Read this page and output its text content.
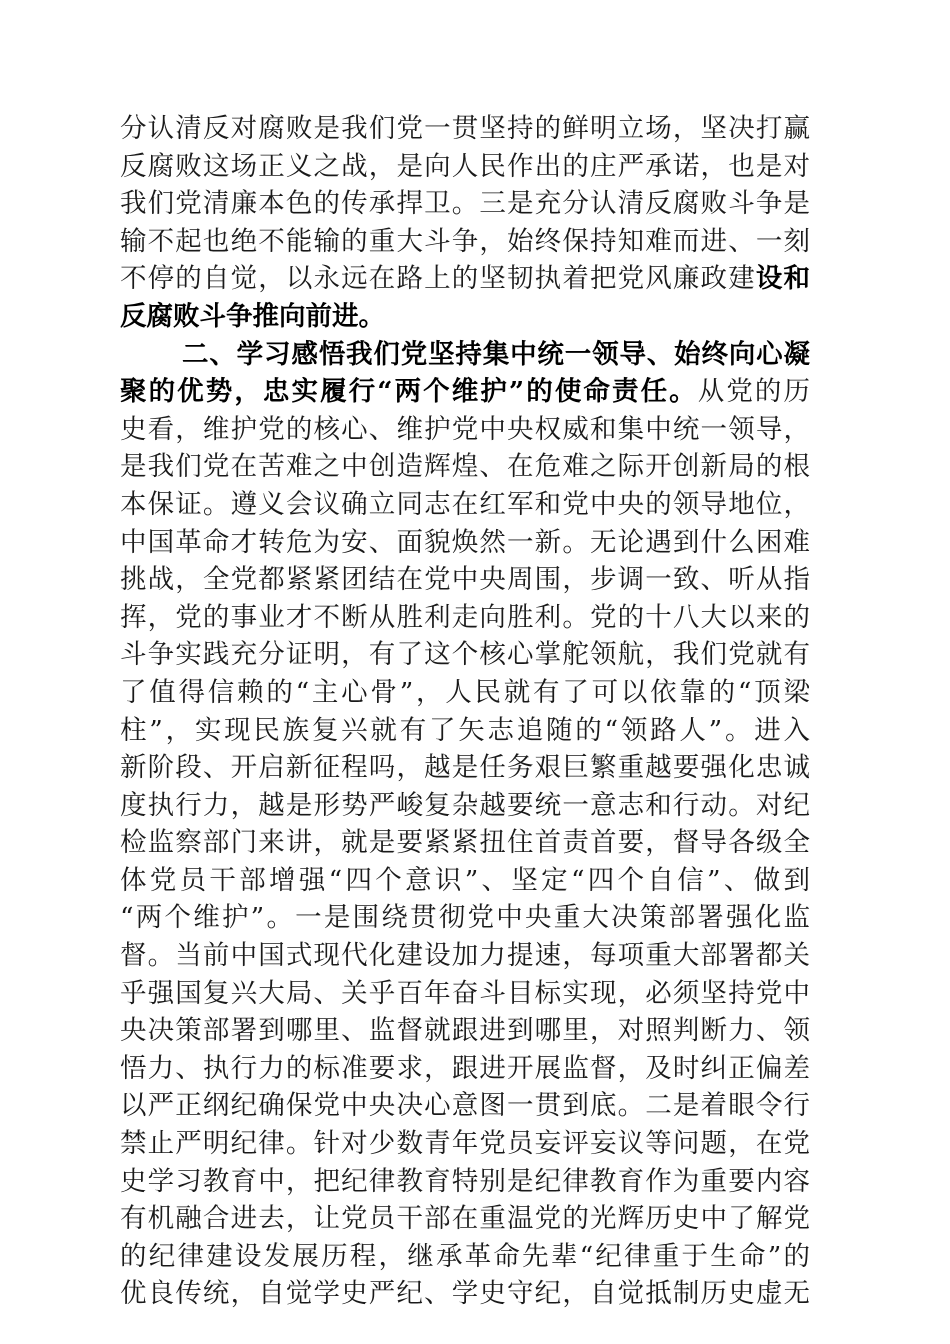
分认清反对腐败是我们党一贯坚持的鲜明立场，坚决打赢
反腐败这场正义之战，是向人民作出的庄严承诺，也是对
我们党清廉本色的传承捍卫。三是充分认清反腐败斗争是
输不起也绝不能输的重大斗争，始终保持知难而进、一刻
不停的自觉，以永远在路上的坚韧执着把党风廉政建设和
反腐败斗争推向前进。
二、学习感悟我们党坚持集中统一领导、始终向心凝
聚的优势，忠实履行“两个维护”的使命责任。从党的历
史看，维护党的核心、维护党中央权威和集中统一领导，
是我们党在苦难之中创造辉煌、在危难之际开创新局的根
本保证。遵义会议确立同志在红军和党中央的领导地位，
中国革命才转危为安、面貌焕然一新。无论遇到什么困难
挑战，全党都紧紧团结在党中央周围，步调一致、听从指
挥，党的事业才不断从胜利走向胜利。党的十八大以来的
斗争实践充分证明，有了这个核心掌舵领航，我们党就有
了值得信赖的“主心骨”，人民就有了可以依靠的“顶梁
柱”，实现民族复兴就有了矢志追随的“领路人”。进入
新阶段、开启新征程吗，越是任务艰巨繁重越要强化忠诚
度执行力，越是形势严峻复杂越要统一意志和行动。对纪
检监察部门来讲，就是要紧紧扭住首责首要，督导各级全
体党员干部增强“四个意识”、坚定“四个自信”、做到
“两个维护”。一是围绕贯彻党中央重大决策部署强化监
督。当前中国式现代化建设加力提速，每项重大部署都关
乎强国复兴大局、关乎百年奋斗目标实现，必须坚持党中
央决策部署到哪里、监督就跟进到哪里，对照判断力、领
悟力、执行力的标准要求，跟进开展监督，及时纠正偏差
以严正纲纪确保党中央决心意图一贯到底。二是着眼令行
禁止严明纪律。针对少数青年党员妄评妄议等问题，在党
史学习教育中，把纪律教育特别是纪律教育作为重要内容
有机融合进去，让党员干部在重温党的光辉历史中了解党
的纪律建设发展历程，继承革命先辈“纪律重于生命”的
优良传统，自觉学史严纪、学史守纪，自觉抵制历史虚无
